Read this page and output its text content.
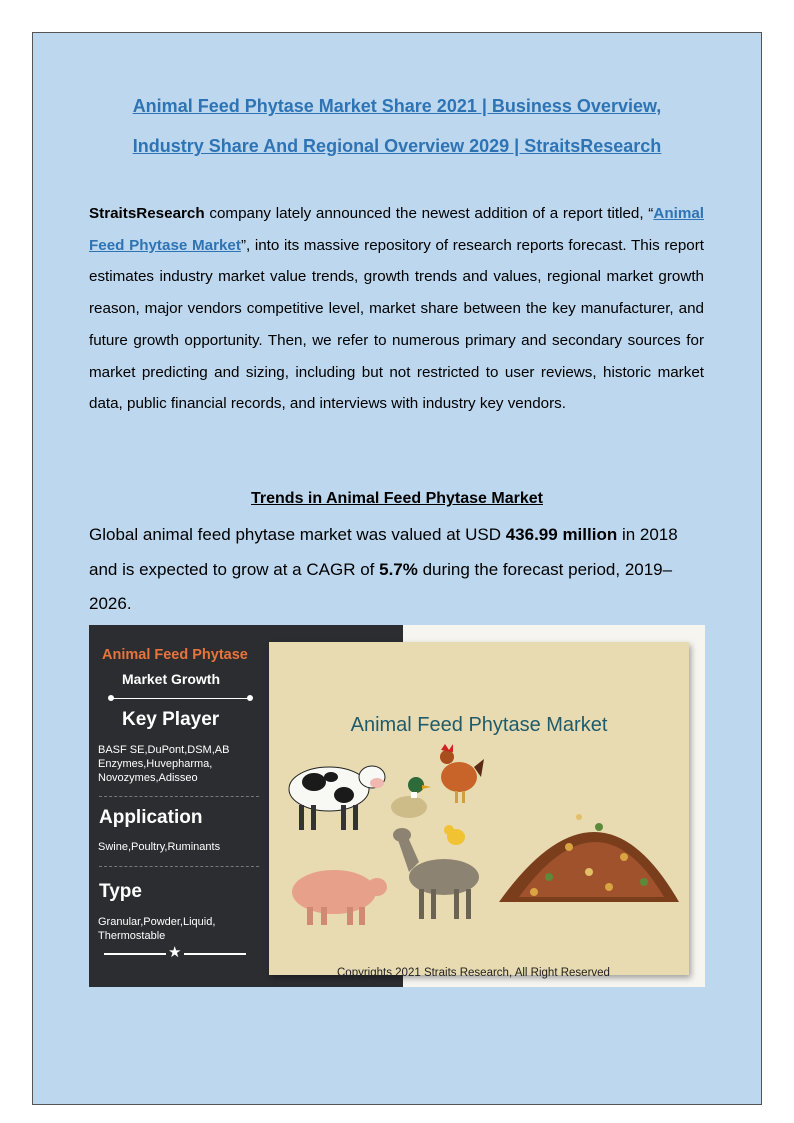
Animal Feed Phytase Market Share 2021 | Business Overview,
Industry Share And Regional Overview 2029 | StraitsResearch
StraitsResearch company lately announced the newest addition of a report titled, “Animal Feed Phytase Market”, into its massive repository of research reports forecast. This report estimates industry market value trends, growth trends and values, regional market growth reason, major vendors competitive level, market share between the key manufacturer, and future growth opportunity. Then, we refer to numerous primary and secondary sources for market predicting and sizing, including but not restricted to user reviews, historic market data, public financial records, and interviews with industry key vendors.
Trends in Animal Feed Phytase Market
Global animal feed phytase market was valued at USD 436.99 million in 2018 and is expected to grow at a CAGR of 5.7% during the forecast period, 2019–2026.
Animal Feed Phytase
Market Growth
Key Player
BASF SE,DuPont,DSM,AB
Enzymes,Huvepharma,
Novozymes,Adisseo
Application
Swine,Poultry,Ruminants
Type
Granular,Powder,Liquid,
Thermostable
★
Animal Feed Phytase Market
Copyrights 2021 Straits Research, All Right Reserved
